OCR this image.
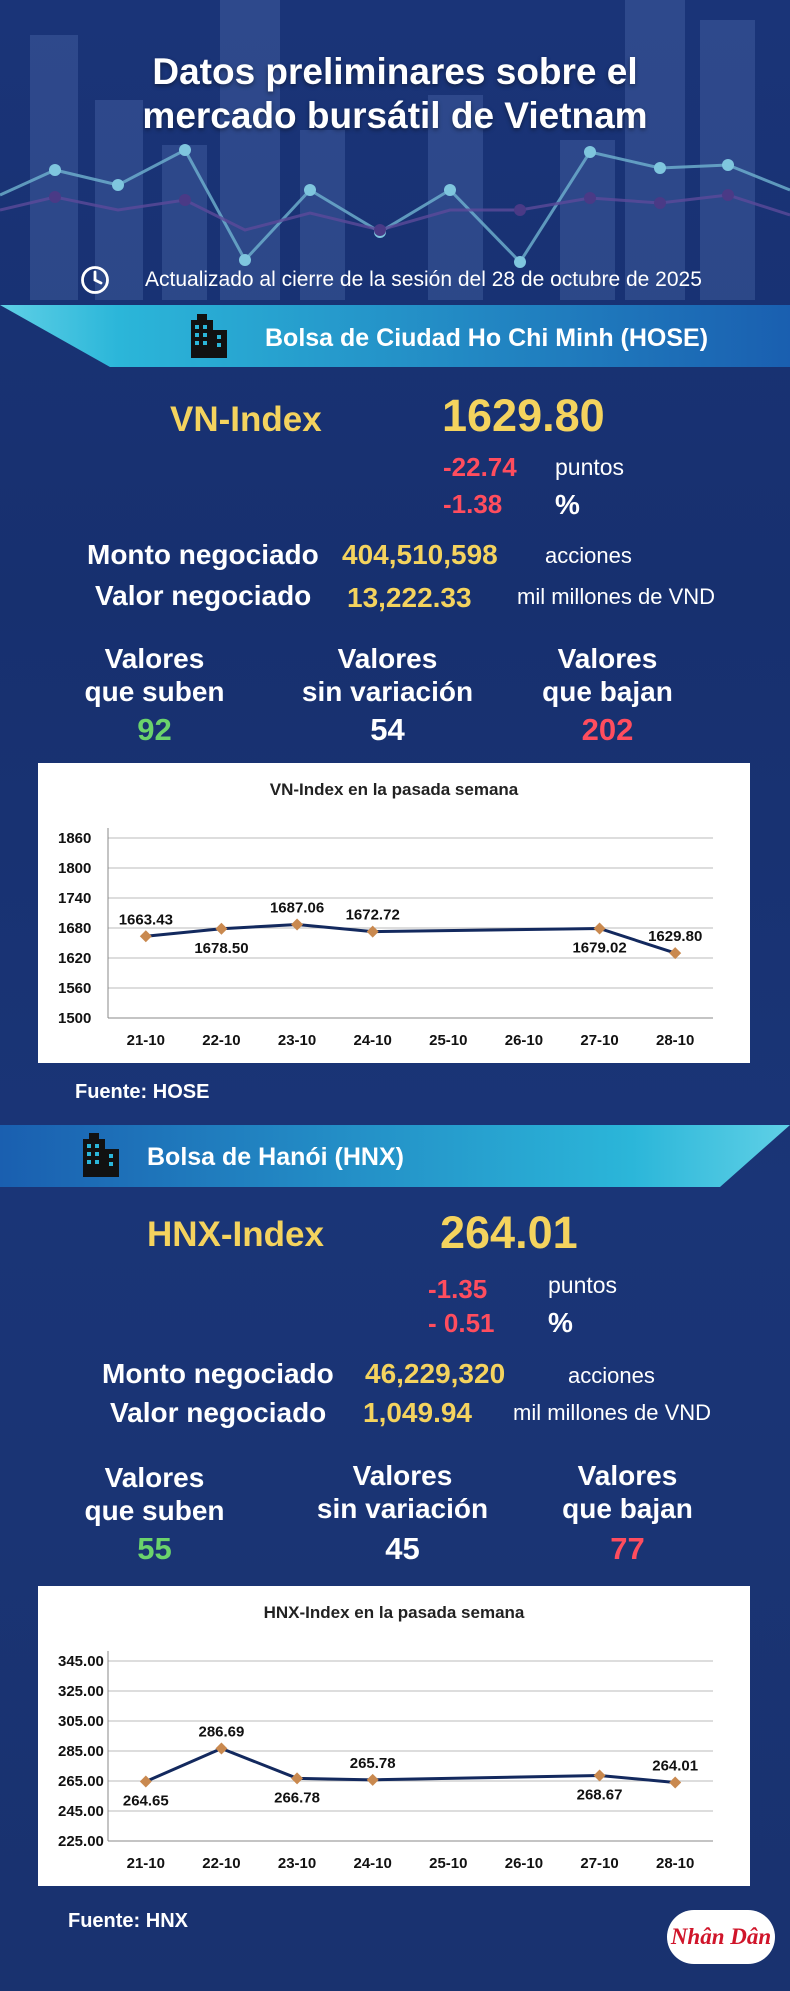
Datos preliminares sobre el
mercado bursátil de Vietnam
Actualizado al cierre de la sesión del 28 de octubre de 2025
Bolsa de Ciudad Ho Chi Minh (HOSE)
VN-Index	1629.80
-22.74 puntos
-1.38 %
Monto negociado 404,510,598 acciones
Valor negociado 13,222.33 mil millones de VND
Valores
que suben
92
Valores
sin variación
54
Valores
que bajan
202
VN-Index en la pasada semana
1860
1800
1740
1680
1620
1560
1500
21-10 22-10 23-10 24-10 25-10 26-10 27-10 28-10
1663.43
1678.50
1687.06 1672.72
1679.02
1629.80
Fuente: HOSE
Bolsa de Hanói (HNX)
HNX-Index	264.01
-1.35	puntos
- 0.51 %
Monto negociado 46,229,320	acciones
Valor negociado 1,049.94 mil millones de VND
Valores
que suben
55
Valores
sin variación
45
Valores
que bajan
77
HNX-Index en la pasada semana
345.00
325.00
305.00
285.00
265.00
245.00
225.00
21-10 22-10 23-10 24-10 25-10 26-10 27-10 28-10
264.65
286.69
266.78
265.78
268.67
264.01
Fuente: HNX
Nhân Dân
